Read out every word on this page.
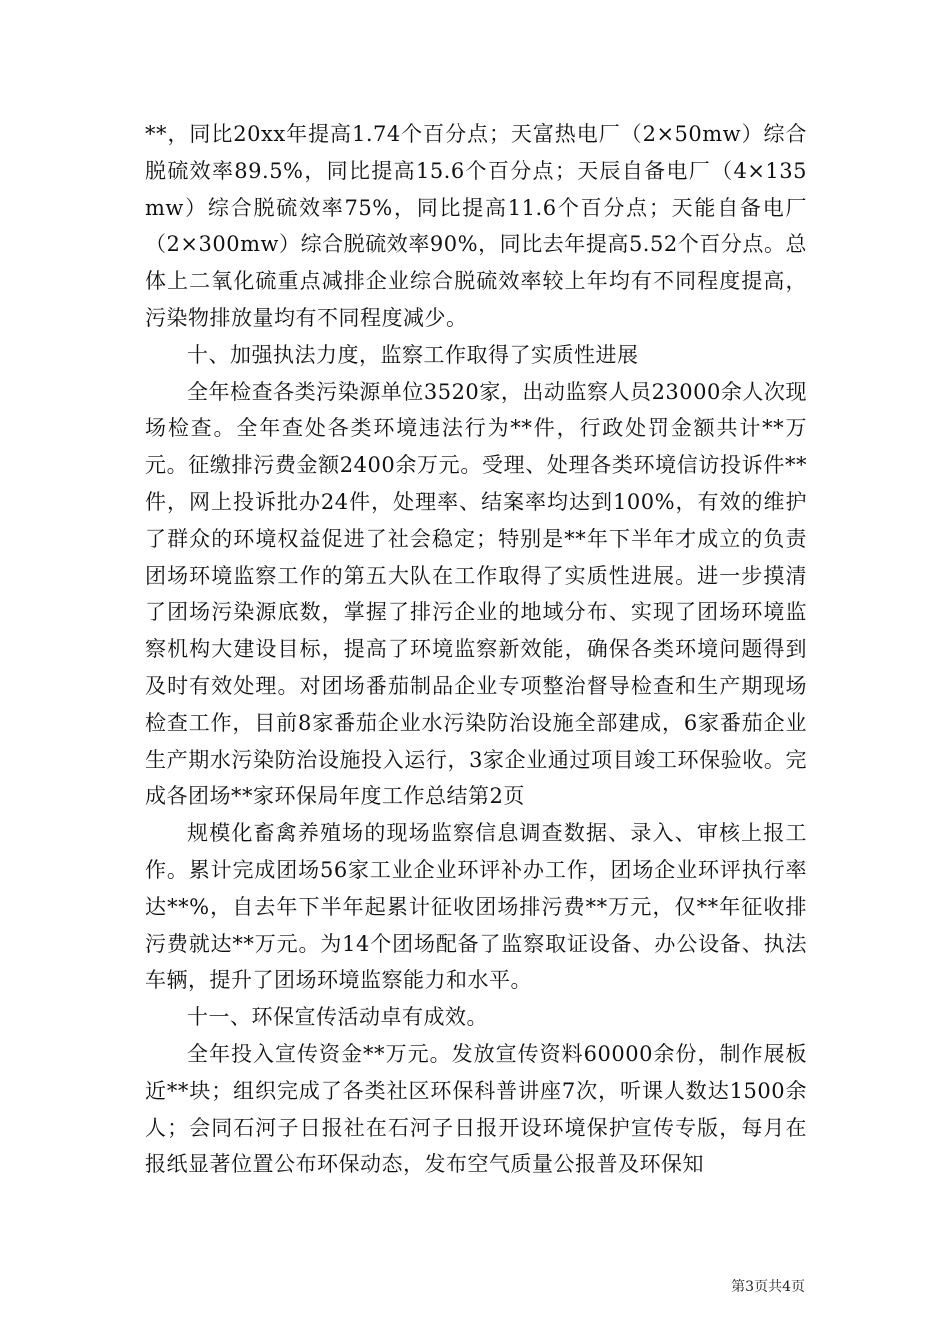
**，同比20xx年提高1.74个百分点；天富热电厂（2×50mw）综合脱硫效率89.5%，同比提高15.6个百分点；天辰自备电厂（4×135mw）综合脱硫效率75%，同比提高11.6个百分点；天能自备电厂（2×300mw）综合脱硫效率90%，同比去年提高5.52个百分点。总体上二氧化硫重点减排企业综合脱硫效率较上年均有不同程度提高，污染物排放量均有不同程度减少。

十、加强执法力度，监察工作取得了实质性进展

全年检查各类污染源单位3520家，出动监察人员23000余人次现场检查。全年查处各类环境违法行为**件，行政处罚金额共计**万元。征缴排污费金额2400余万元。受理、处理各类环境信访投诉件**件，网上投诉批办24件，处理率、结案率均达到100%，有效的维护了群众的环境权益促进了社会稳定；特别是**年下半年才成立的负责团场环境监察工作的第五大队在工作取得了实质性进展。进一步摸清了团场污染源底数，掌握了排污企业的地域分布、实现了团场环境监察机构大建设目标，提高了环境监察新效能，确保各类环境问题得到及时有效处理。对团场番茄制品企业专项整治督导检查和生产期现场检查工作，目前8家番茄企业水污染防治设施全部建成，6家番茄企业生产期水污染防治设施投入运行，3家企业通过项目竣工环保验收。完成各团场**家环保局年度工作总结第2页

规模化畜禽养殖场的现场监察信息调查数据、录入、审核上报工作。累计完成团场56家工业企业环评补办工作，团场企业环评执行率达**%，自去年下半年起累计征收团场排污费**万元，仅**年征收排污费就达**万元。为14个团场配备了监察取证设备、办公设备、执法车辆，提升了团场环境监察能力和水平。

十一、环保宣传活动卓有成效。

全年投入宣传资金**万元。发放宣传资料60000余份，制作展板近**块；组织完成了各类社区环保科普讲座7次，听课人数达1500余人；会同石河子日报社在石河子日报开设环境保护宣传专版，每月在报纸显著位置公布环保动态，发布空气质量公报普及环保知

第3页共4页
